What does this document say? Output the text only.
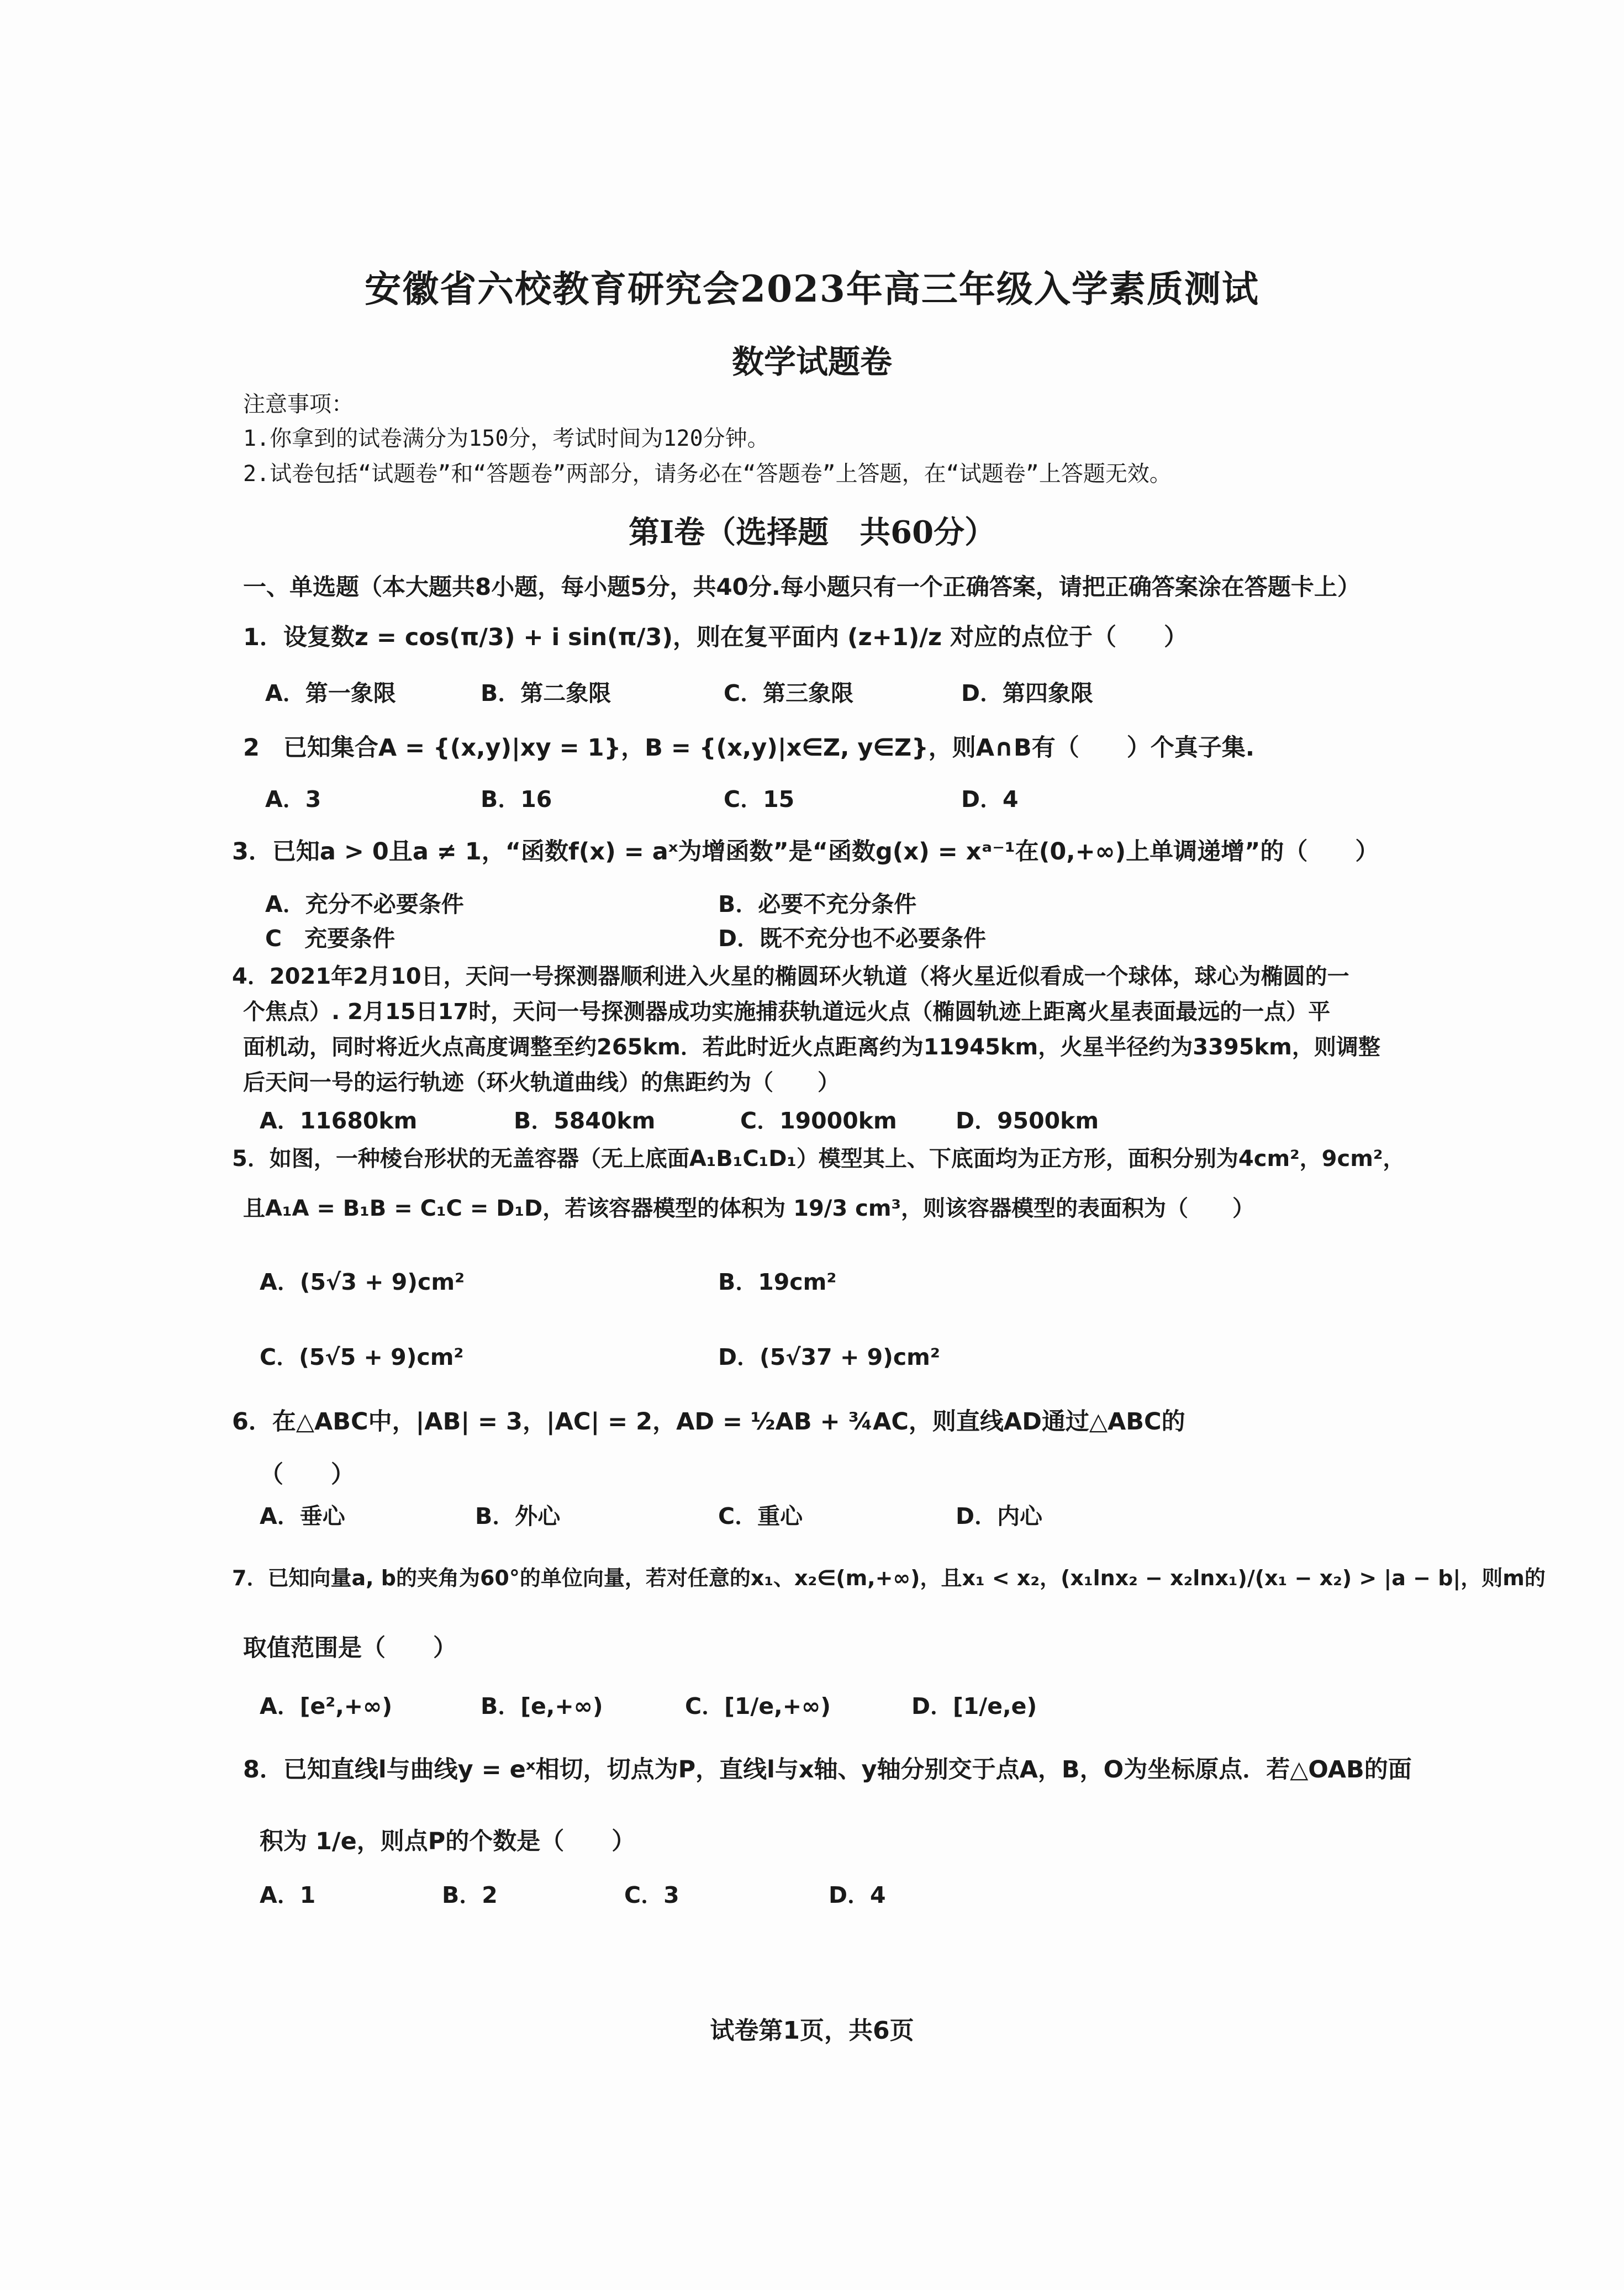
安徽省六校教育研究会2023年高三年级入学素质测试
数学试题卷
注意事项：
1.你拿到的试卷满分为150分，考试时间为120分钟。
2.试卷包括“试题卷”和“答题卷”两部分，请务必在“答题卷”上答题，在“试题卷”上答题无效。
第I卷（选择题　共60分）
一、单选题（本大题共8小题，每小题5分，共40分.每小题只有一个正确答案，请把正确答案涂在答题卡上）
1．设复数z = cos(π/3) + i sin(π/3)，则在复平面内 (z+1)/z 对应的点位于（　　）
A．第一象限	B．第二象限	C．第三象限	D．第四象限
2　已知集合A = {(x,y)|xy = 1}，B = {(x,y)|x∈Z, y∈Z}，则A∩B有（　　）个真子集.
A．3	B．16	C．15	D．4
3．已知a > 0且a ≠ 1，“函数f(x) = aˣ为增函数”是“函数g(x) = xᵃ⁻¹在(0,+∞)上单调递增”的（　　）
A．充分不必要条件	B．必要不充分条件
C　充要条件	D．既不充分也不必要条件
4．2021年2月10日，天问一号探测器顺利进入火星的椭圆环火轨道（将火星近似看成一个球体，球心为椭圆的一
个焦点）. 2月15日17时，天问一号探测器成功实施捕获轨道远火点（椭圆轨迹上距离火星表面最远的一点）平
面机动，同时将近火点高度调整至约265km．若此时近火点距离约为11945km，火星半径约为3395km，则调整
后天问一号的运行轨迹（环火轨道曲线）的焦距约为（　　）
A．11680km	B．5840km	C．19000km	D．9500km
5．如图，一种棱台形状的无盖容器（无上底面A₁B₁C₁D₁）模型其上、下底面均为正方形，面积分别为4cm²，9cm²，
且A₁A = B₁B = C₁C = D₁D，若该容器模型的体积为 19/3 cm³，则该容器模型的表面积为（　　）
A．(5√3 + 9)cm²	B．19cm²
C．(5√5 + 9)cm²	D．(5√37 + 9)cm²
6．在△ABC中，|AB| = 3，|AC| = 2，AD = ½AB + ¾AC，则直线AD通过△ABC的
（　　）
A．垂心	B．外心	C．重心	D．内心
7．已知向量a, b的夹角为60°的单位向量，若对任意的x₁、x₂∈(m,+∞)，且x₁ < x₂，(x₁lnx₂ − x₂lnx₁)/(x₁ − x₂) > |a − b|，则m的
取值范围是（　　）
A．[e²,+∞)	B．[e,+∞)	C．[1/e,+∞)	D．[1/e,e)
8．已知直线l与曲线y = eˣ相切，切点为P，直线l与x轴、y轴分别交于点A，B，O为坐标原点．若△OAB的面
积为 1/e，则点P的个数是（　　）
A．1	B．2	C．3	D．4
试卷第1页，共6页
